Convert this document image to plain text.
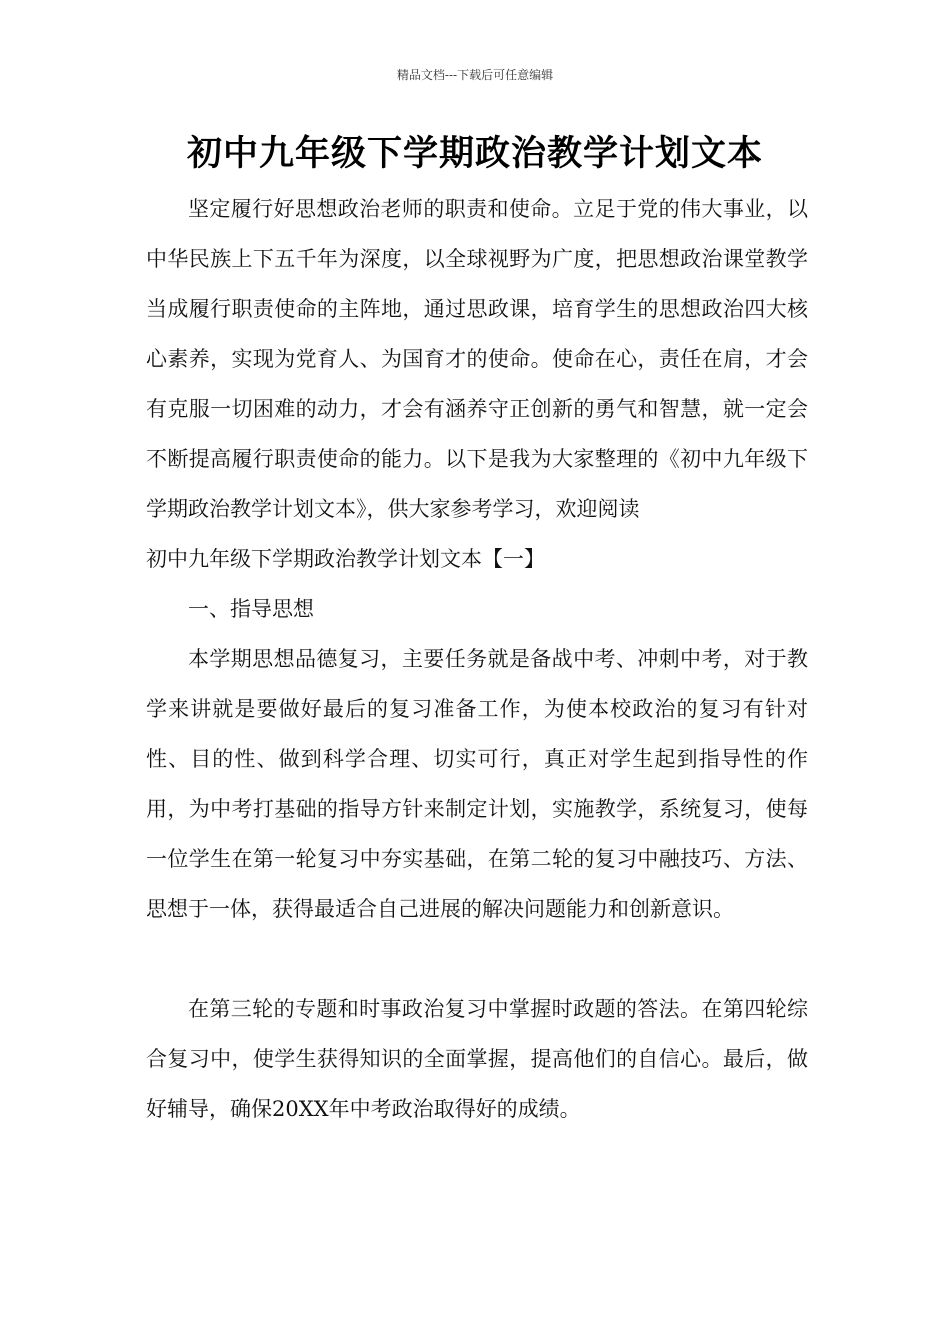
精品文档---下载后可任意编辑
初中九年级下学期政治教学计划文本

坚定履行好思想政治老师的职责和使命。立足于党的伟大事业，以中华民族上下五千年为深度，以全球视野为广度，把思想政治课堂教学当成履行职责使命的主阵地，通过思政课，培育学生的思想政治四大核心素养，实现为党育人、为国育才的使命。使命在心，责任在肩，才会有克服一切困难的动力，才会有涵养守正创新的勇气和智慧，就一定会不断提高履行职责使命的能力。以下是我为大家整理的《初中九年级下学期政治教学计划文本》，供大家参考学习，欢迎阅读

初中九年级下学期政治教学计划文本【一】

一、指导思想

本学期思想品德复习，主要任务就是备战中考、冲刺中考，对于教学来讲就是要做好最后的复习准备工作，为使本校政治的复习有针对性、目的性、做到科学合理、切实可行，真正对学生起到指导性的作用，为中考打基础的指导方针来制定计划，实施教学，系统复习，使每一位学生在第一轮复习中夯实基础，在第二轮的复习中融技巧、方法、思想于一体，获得最适合自己进展的解决问题能力和创新意识。

在第三轮的专题和时事政治复习中掌握时政题的答法。在第四轮综合复习中，使学生获得知识的全面掌握，提高他们的自信心。最后，做好辅导，确保20XX年中考政治取得好的成绩。
